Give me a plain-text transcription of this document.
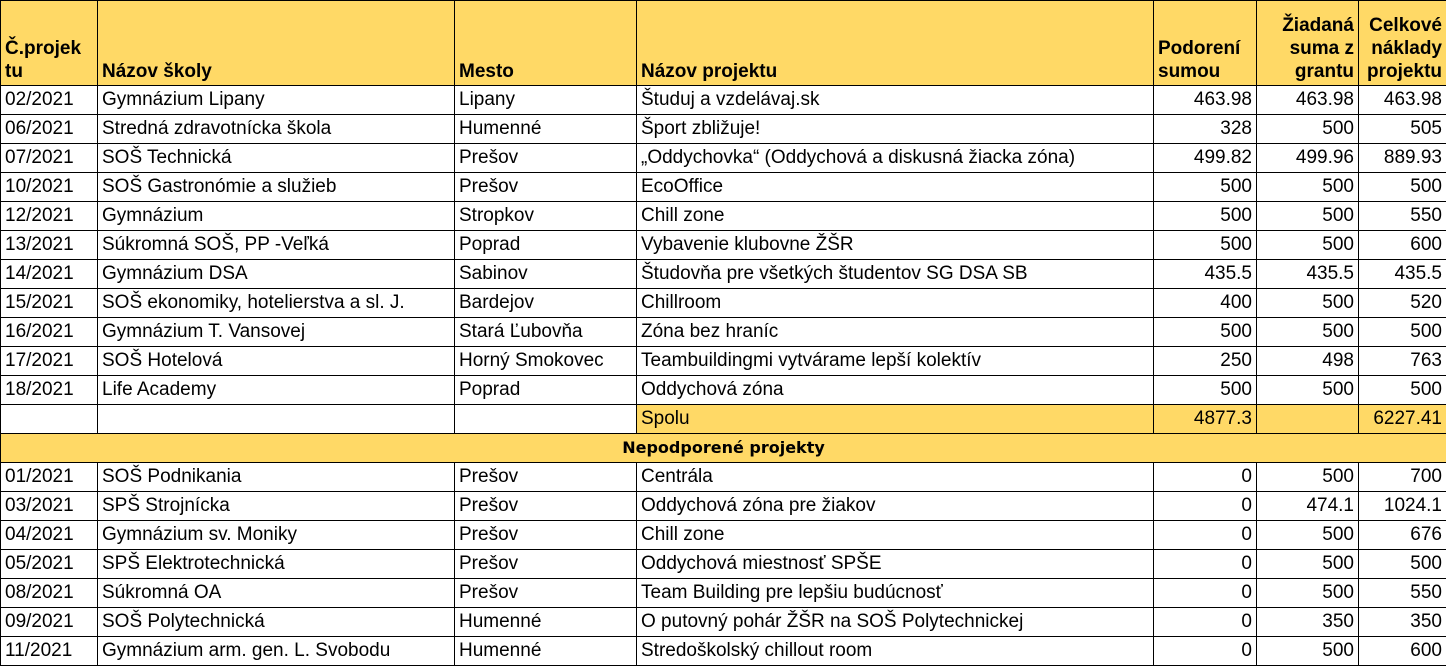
Č.projek tu	Názov školy	Mesto	Názov projektu	Podorení sumou	Žiadaná suma z grantu	Celkové náklady projektu
02/2021	Gymnázium Lipany	Lipany	Študuj a vzdelávaj.sk	463.98	463.98	463.98
06/2021	Stredná zdravotnícka škola	Humenné	Šport zbližuje!	328	500	505
07/2021	SOŠ Technická	Prešov	„Oddychovka“ (Oddychová a diskusná žiacka zóna)	499.82	499.96	889.93
10/2021	SOŠ Gastronómie a služieb	Prešov	EcoOffice	500	500	500
12/2021	Gymnázium	Stropkov	Chill zone	500	500	550
13/2021	Súkromná SOŠ, PP -Veľká	Poprad	Vybavenie klubovne ŽŠR	500	500	600
14/2021	Gymnázium DSA	Sabinov	Študovňa pre všetkých študentov SG DSA SB	435.5	435.5	435.5
15/2021	SOŠ ekonomiky, hotelierstva a sl. J.	Bardejov	Chillroom	400	500	520
16/2021	Gymnázium T. Vansovej	Stará Ľubovňa	Zóna bez hraníc	500	500	500
17/2021	SOŠ Hotelová	Horný Smokovec	Teambuildingmi vytvárame lepší kolektív	250	498	763
18/2021	Life Academy	Poprad	Oddychová zóna	500	500	500
			Spolu	4877.3		6227.41
Nepodporené projekty						
01/2021	SOŠ Podnikania	Prešov	Centrála	0	500	700
03/2021	SPŠ Strojnícka	Prešov	Oddychová zóna pre žiakov	0	474.1	1024.1
04/2021	Gymnázium sv. Moniky	Prešov	Chill zone	0	500	676
05/2021	SPŠ Elektrotechnická	Prešov	Oddychová miestnosť SPŠE	0	500	500
08/2021	Súkromná OA	Prešov	Team Building pre lepšiu budúcnosť	0	500	550
09/2021	SOŠ Polytechnická	Humenné	O putovný pohár ŽŠR na SOŠ Polytechnickej	0	350	350
11/2021	Gymnázium arm. gen. L. Svobodu	Humenné	Stredoškolský chillout room	0	500	600
